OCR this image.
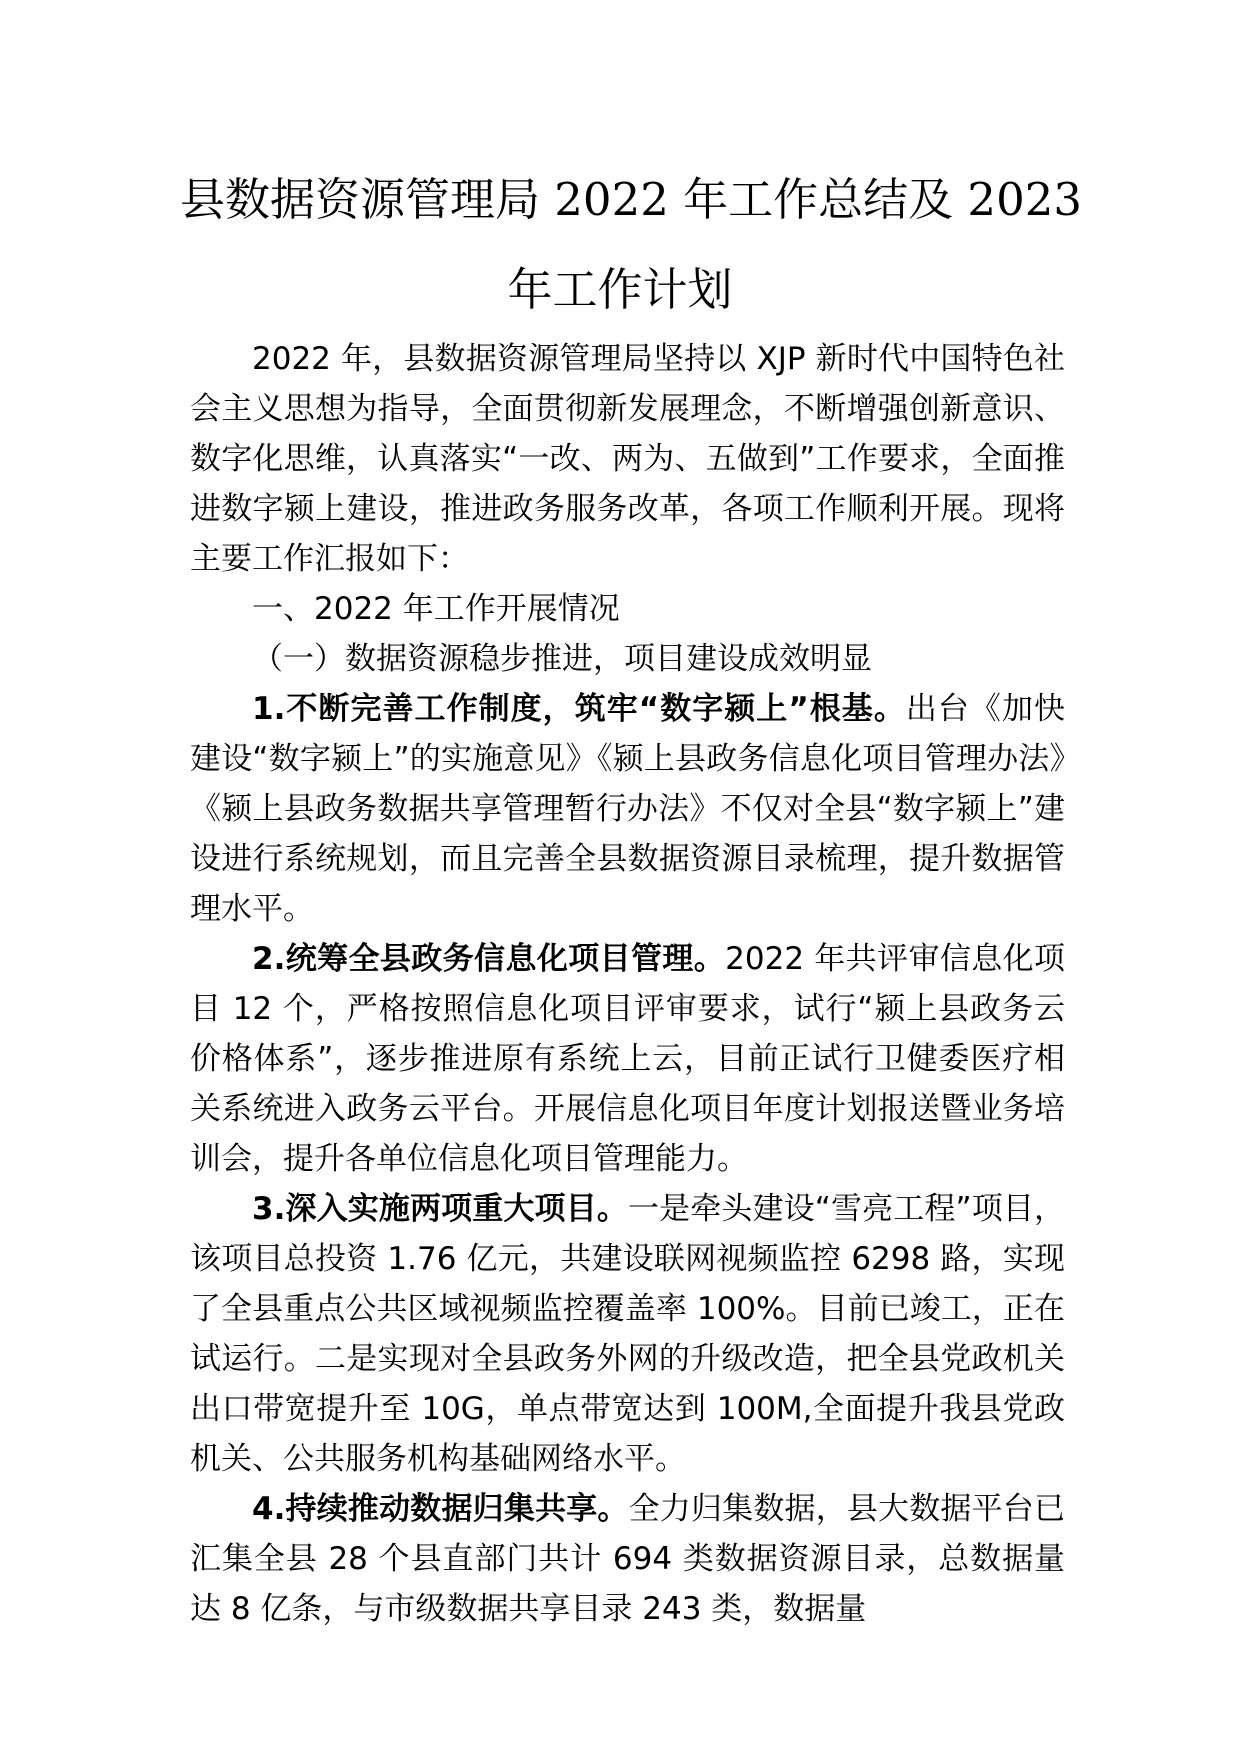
县数据资源管理局 2022 年工作总结及 2023
年工作计划

2022 年，县数据资源管理局坚持以 XJP 新时代中国特色社会主义思想为指导，全面贯彻新发展理念，不断增强创新意识、数字化思维，认真落实“一改、两为、五做到”工作要求，全面推进数字颍上建设，推进政务服务改革，各项工作顺利开展。现将主要工作汇报如下：

一、2022 年工作开展情况

（一）数据资源稳步推进，项目建设成效明显

1.不断完善工作制度，筑牢“数字颍上”根基。出台《加快建设“数字颍上”的实施意见》《颍上县政务信息化项目管理办法》《颍上县政务数据共享管理暂行办法》不仅对全县“数字颍上”建设进行系统规划，而且完善全县数据资源目录梳理，提升数据管理水平。

2.统筹全县政务信息化项目管理。2022 年共评审信息化项目 12 个，严格按照信息化项目评审要求，试行“颍上县政务云价格体系”，逐步推进原有系统上云，目前正试行卫健委医疗相关系统进入政务云平台。开展信息化项目年度计划报送暨业务培训会，提升各单位信息化项目管理能力。

3.深入实施两项重大项目。一是牵头建设“雪亮工程”项目，该项目总投资 1.76 亿元，共建设联网视频监控 6298 路，实现了全县重点公共区域视频监控覆盖率 100%。目前已竣工，正在试运行。二是实现对全县政务外网的升级改造，把全县党政机关出口带宽提升至 10G，单点带宽达到 100M,全面提升我县党政机关、公共服务机构基础网络水平。

4.持续推动数据归集共享。全力归集数据，县大数据平台已汇集全县 28 个县直部门共计 694 类数据资源目录，总数据量达 8 亿条，与市级数据共享目录 243 类，数据量
